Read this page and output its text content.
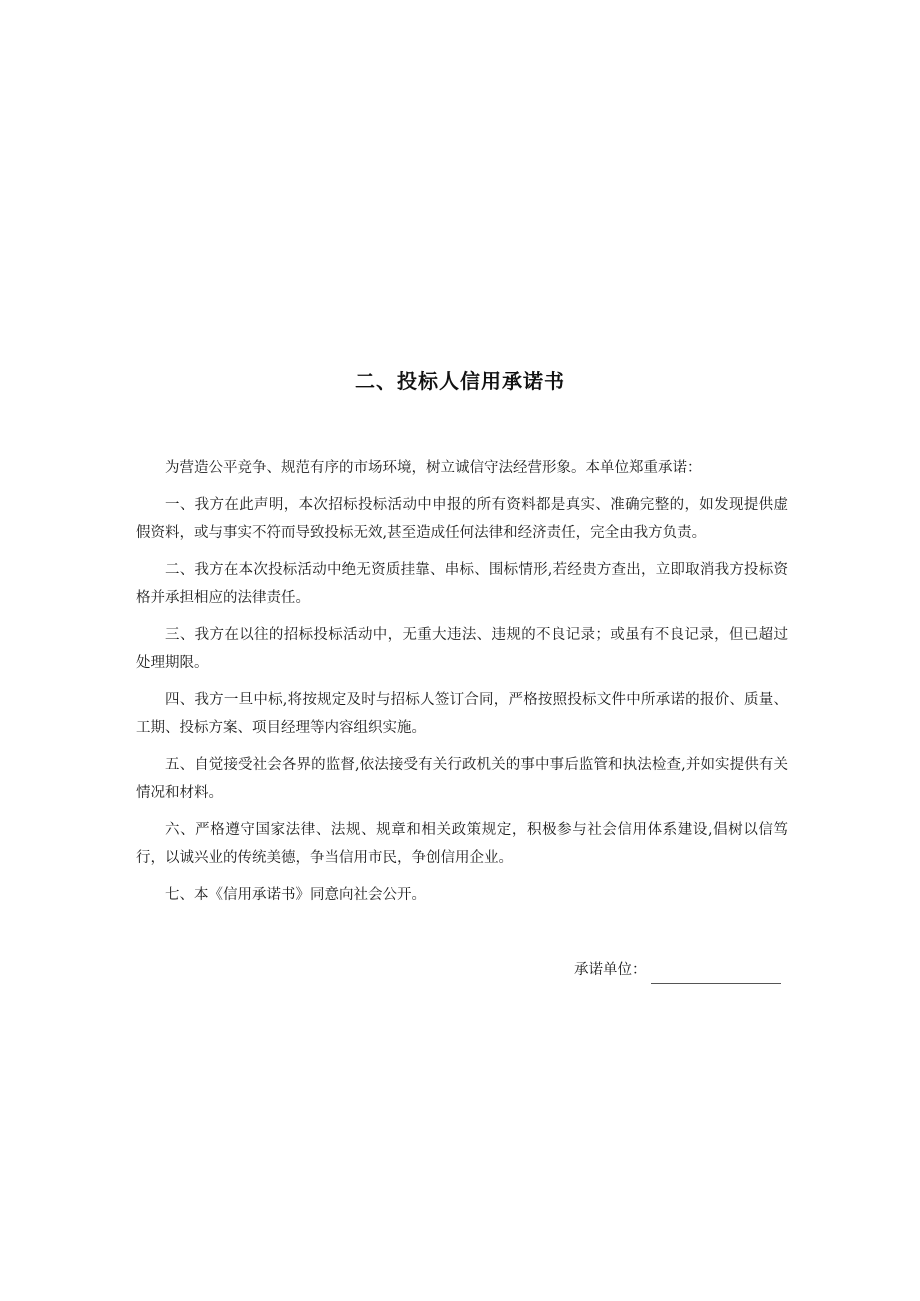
二、投标人信用承诺书

为营造公平竞争、规范有序的市场环境，树立诚信守法经营形象。本单位郑重承诺：

一、我方在此声明，本次招标投标活动中申报的所有资料都是真实、准确完整的，如发现提供虚假资料，或与事实不符而导致投标无效,甚至造成任何法律和经济责任，完全由我方负责。

二、我方在本次投标活动中绝无资质挂靠、串标、围标情形,若经贵方查出，立即取消我方投标资格并承担相应的法律责任。

三、我方在以往的招标投标活动中，无重大违法、违规的不良记录；或虽有不良记录，但已超过处理期限。

四、我方一旦中标,将按规定及时与招标人签订合同，严格按照投标文件中所承诺的报价、质量、工期、投标方案、项目经理等内容组织实施。

五、自觉接受社会各界的监督,依法接受有关行政机关的事中事后监管和执法检查,并如实提供有关情况和材料。

六、严格遵守国家法律、法规、规章和相关政策规定，积极参与社会信用体系建设,倡树以信笃行，以诚兴业的传统美德，争当信用市民，争创信用企业。

七、本《信用承诺书》同意向社会公开。

承诺单位：
